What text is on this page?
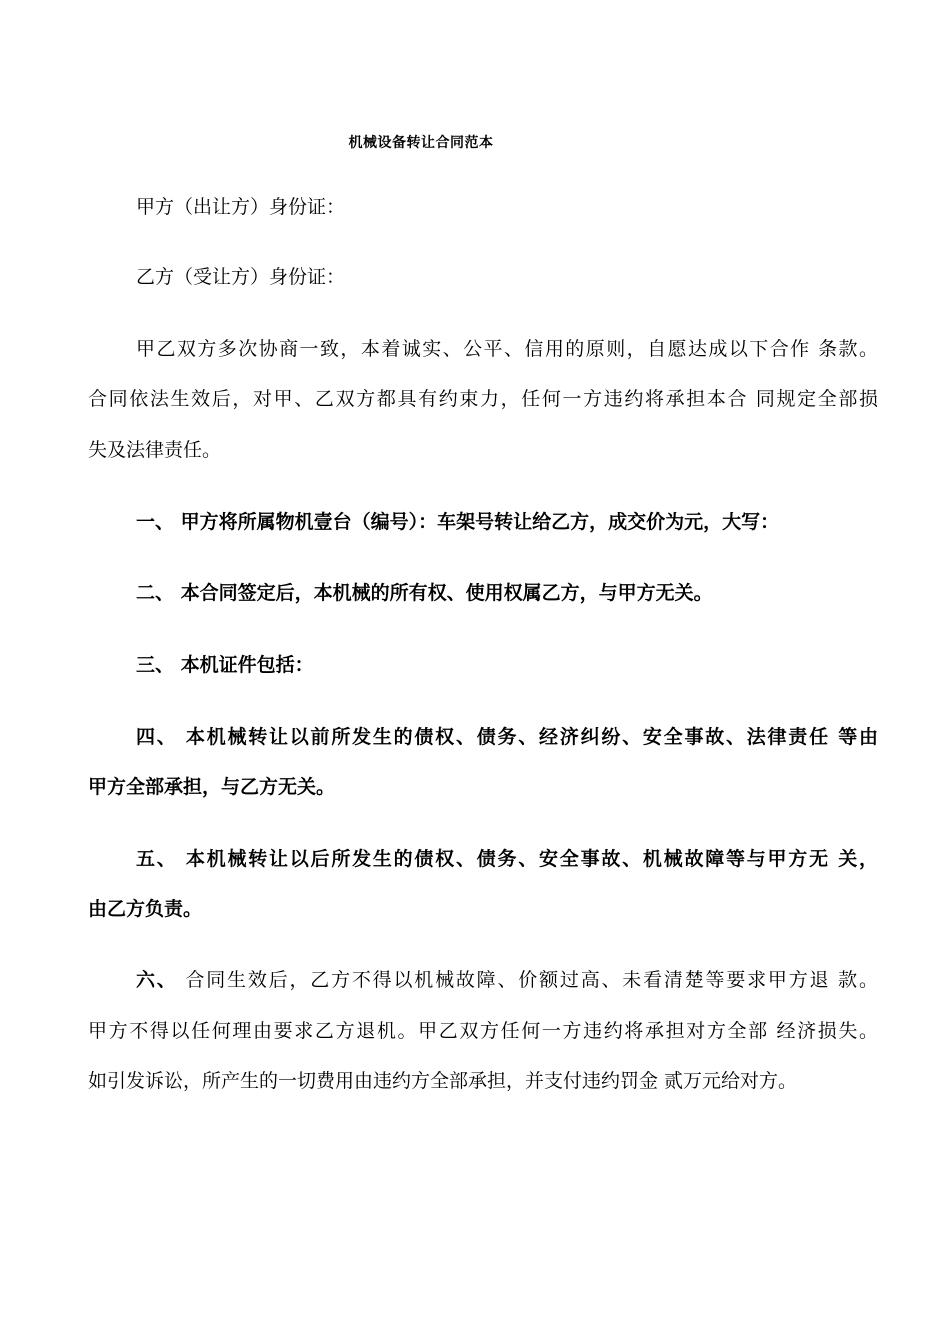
机械设备转让合同范本
甲方（出让方）身份证：
乙方（受让方）身份证：
甲乙双方多次协商一致，本着诚实、公平、信用的原则，自愿达成以下合作 条款。
合同依法生效后，对甲、乙双方都具有约束力，任何一方违约将承担本合 同规定全部损
失及法律责任。
一、 甲方将所属物机壹台（编号）：车架号转让给乙方，成交价为元，大写：
二、 本合同签定后，本机械的所有权、使用权属乙方，与甲方无关。
三、 本机证件包括：
四、 本机械转让以前所发生的债权、债务、经济纠纷、安全事故、法律责任 等由
甲方全部承担，与乙方无关。
五、 本机械转让以后所发生的债权、债务、安全事故、机械故障等与甲方无 关，
由乙方负责。
六、 合同生效后，乙方不得以机械故障、价额过高、未看清楚等要求甲方退 款。
甲方不得以任何理由要求乙方退机。甲乙双方任何一方违约将承担对方全部 经济损失。
如引发诉讼，所产生的一切费用由违约方全部承担，并支付违约罚金 贰万元给对方。
